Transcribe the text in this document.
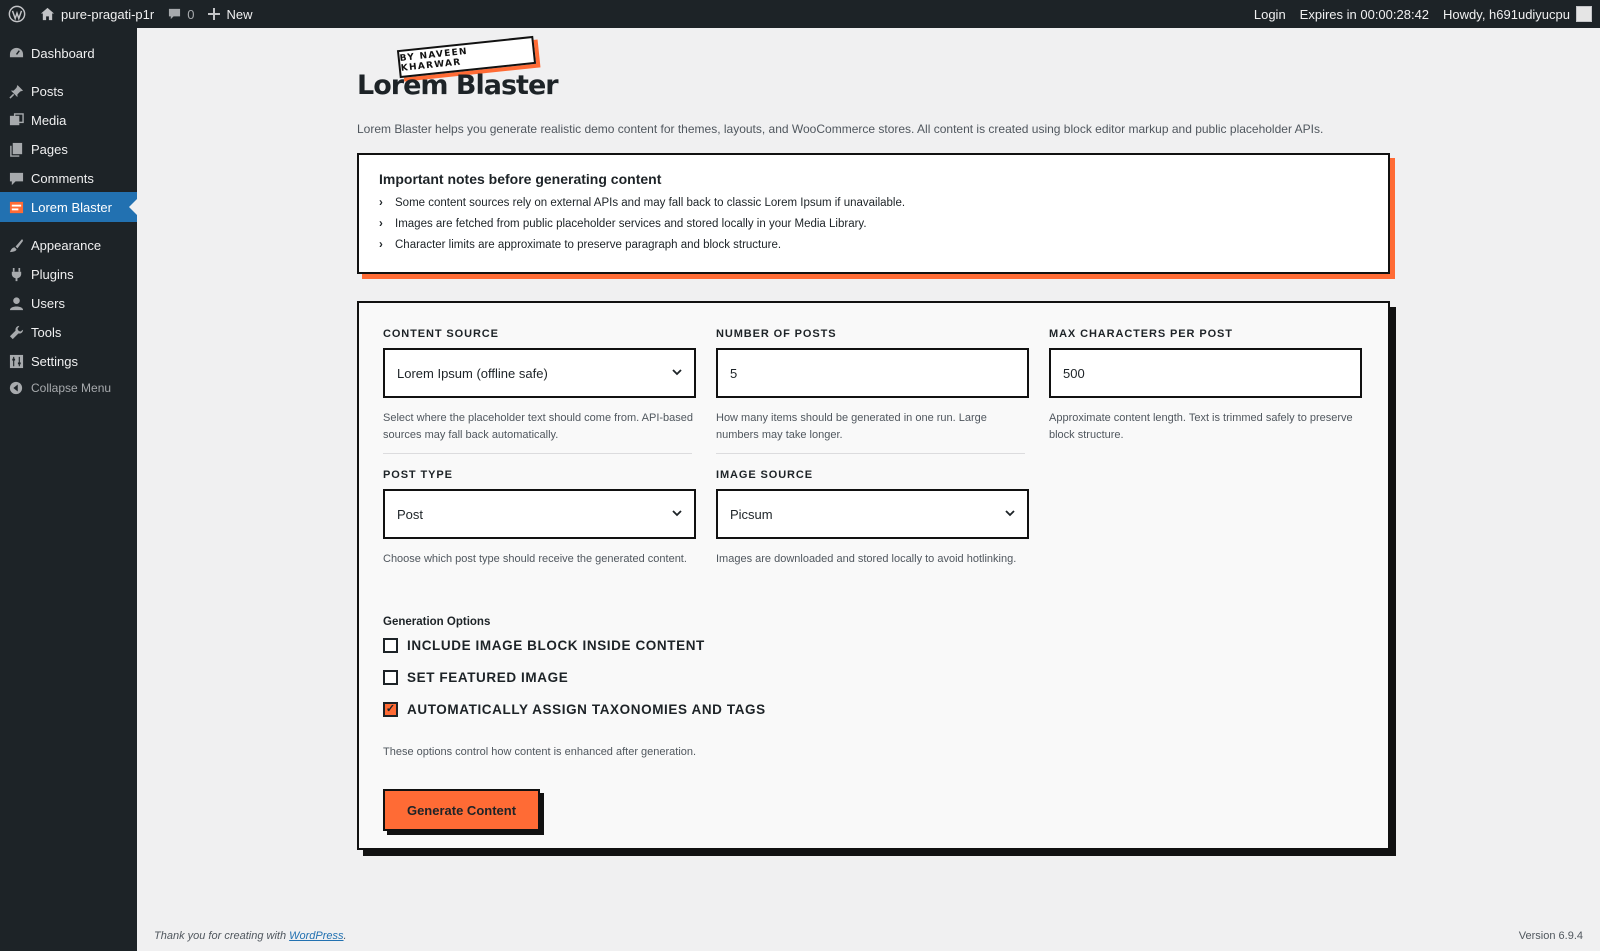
pure-pragati-p1r	0 New	Login	Expires in 00:00:28:42	Howdy, h691udiyucpu
Dashboard
Posts
Media
Pages
Comments
Lorem Blaster
Appearance
Plugins
Users
Tools
Settings
Collapse Menu
BY NAVEEN KHARWAR
Lorem Blaster
Lorem Blaster helps you generate realistic demo content for themes, layouts, and WooCommerce stores. All content is created using block editor markup and public placeholder APIs.
Important notes before generating content
›	Some content sources rely on external APIs and may fall back to classic Lorem Ipsum if unavailable.
›	Images are fetched from public placeholder services and stored locally in your Media Library.
›	Character limits are approximate to preserve paragraph and block structure.
CONTENT SOURCE
Lorem Ipsum (offline safe)
Select where the placeholder text should come from. API-based sources may fall back automatically.
NUMBER OF POSTS
5
How many items should be generated in one run. Large numbers may take longer.
MAX CHARACTERS PER POST
500
Approximate content length. Text is trimmed safely to preserve block structure.
POST TYPE
Post
Choose which post type should receive the generated content.
IMAGE SOURCE
Picsum
Images are downloaded and stored locally to avoid hotlinking.
Generation Options
INCLUDE IMAGE BLOCK INSIDE CONTENT
SET FEATURED IMAGE
✓ AUTOMATICALLY ASSIGN TAXONOMIES AND TAGS
These options control how content is enhanced after generation.
Generate Content
Thank you for creating with WordPress.	Version 6.9.4
